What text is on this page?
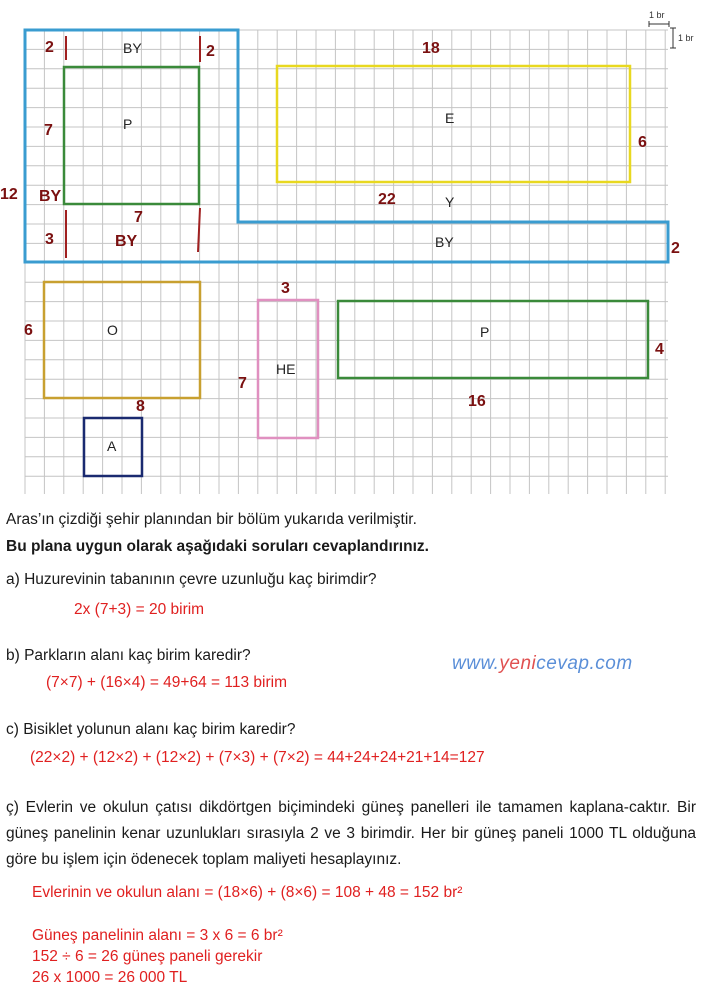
1 br
1 br
BY
P	E
Y
BY
O
HE
P
A
2	2	18
7
6
12 BY	22
7
3	BY	2
3
6
4
7
16
8
Aras’ın çizdiği şehir planından bir bölüm yukarıda verilmiştir.
Bu plana uygun olarak aşağıdaki soruları cevaplandırınız.
a) Huzurevinin tabanının çevre uzunluğu kaç birimdir?
2x (7+3) = 20 birim
b) Parkların alanı kaç birim karedir?
(7×7) + (16×4) = 49+64 = 113 birim
www.yenicevap.com
c) Bisiklet yolunun alanı kaç birim karedir?
(22×2) + (12×2) + (12×2) + (7×3) + (7×2) = 44+24+24+21+14=127
ç) Evlerin ve okulun çatısı dikdörtgen biçimindeki güneş panelleri ile tamamen kaplana-caktır. Bir güneş panelinin kenar uzunlukları sırasıyla 2 ve 3 birimdir. Her bir güneş paneli 1000 TL olduğuna göre bu işlem için ödenecek toplam maliyeti hesaplayınız.
Evlerinin ve okulun alanı = (18×6) + (8×6) = 108 + 48 = 152 br²
Güneş panelinin alanı = 3 x 6 = 6 br²
152 ÷ 6 = 26 güneş paneli gerekir
26 x 1000 = 26 000 TL
